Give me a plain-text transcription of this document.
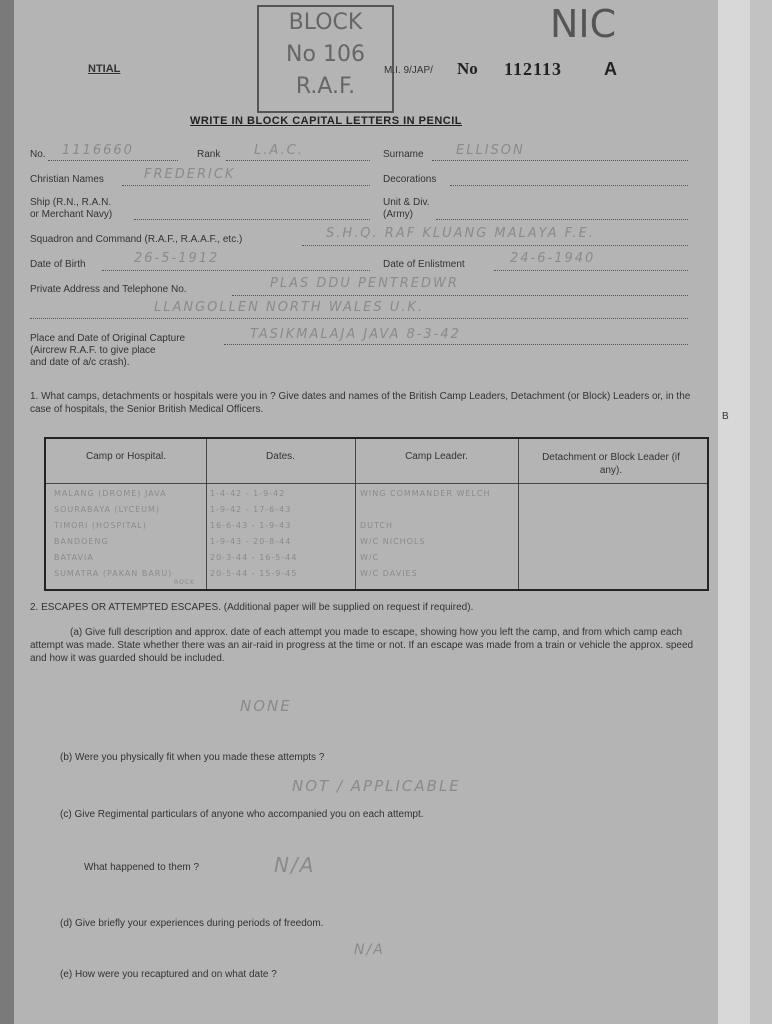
NTIAL
BLOCK
No 106
R.A.F.
M.I. 9/JAP/ No 112113 A
NIC
WRITE IN BLOCK CAPITAL LETTERS IN PENCIL
No. 1116660	Rank	L.A.C.	Surname ELLISON
Christian Names	FREDERICK	Decorations
Ship (R.N., R.A.N.
or Merchant Navy)
Unit & Div.
(Army)
Squadron and Command (R.A.F., R.A.A.F., etc.)	S.H.Q. RAF KLUANG MALAYA F.E.
Date of Birth	26-5-1912	Date of Enlistment	24-6-1940
Private Address and Telephone No.	PLAS DDU PENTREDWR
LLANGOLLEN NORTH WALES U.K.
Place and Date of Original Capture
(Aircrew R.A.F. to give place
and date of a/c crash).
TASIKMALAJA JAVA 8-3-42
1. What camps, detachments or hospitals were you in ? Give dates and names of the British Camp Leaders, Detachment (or Block) Leaders or, in the case of hospitals, the Senior British Medical Officers.
Camp or Hospital.	Dates.	Camp Leader.	Detachment or Block Leader (if any).
MALANG (DROME) JAVA	1-4-42 - 1-9-42	WING COMMANDER WELCH
SOURABAYA (LYCEUM)	1-9-42 - 17-6-43
TIMORI (HOSPITAL)	16-6-43 - 1-9-43	DUTCH
BANDOENG	1-9-43 - 20-8-44	W/C NICHOLS
BATAVIA	20-3-44 - 16-5-44	W/C
SUMATRA (PAKAN BARU)	20-5-44 - 15-9-45	W/C DAVIES
ROCK
2. ESCAPES OR ATTEMPTED ESCAPES. (Additional paper will be supplied on request if required).
(a) Give full description and approx. date of each attempt you made to escape, showing how you left the camp, and from which camp each attempt was made. State whether there was an air-raid in progress at the time or not. If an escape was made from a train or vehicle the approx. speed and how it was guarded should be included.
NONE
(b) Were you physically fit when you made these attempts ?
NOT / APPLICABLE
(c) Give Regimental particulars of anyone who accompanied you on each attempt.
What happened to them ?	N/A
(d) Give briefly your experiences during periods of freedom.
N/A
(e) How were you recaptured and on what date ?
B
